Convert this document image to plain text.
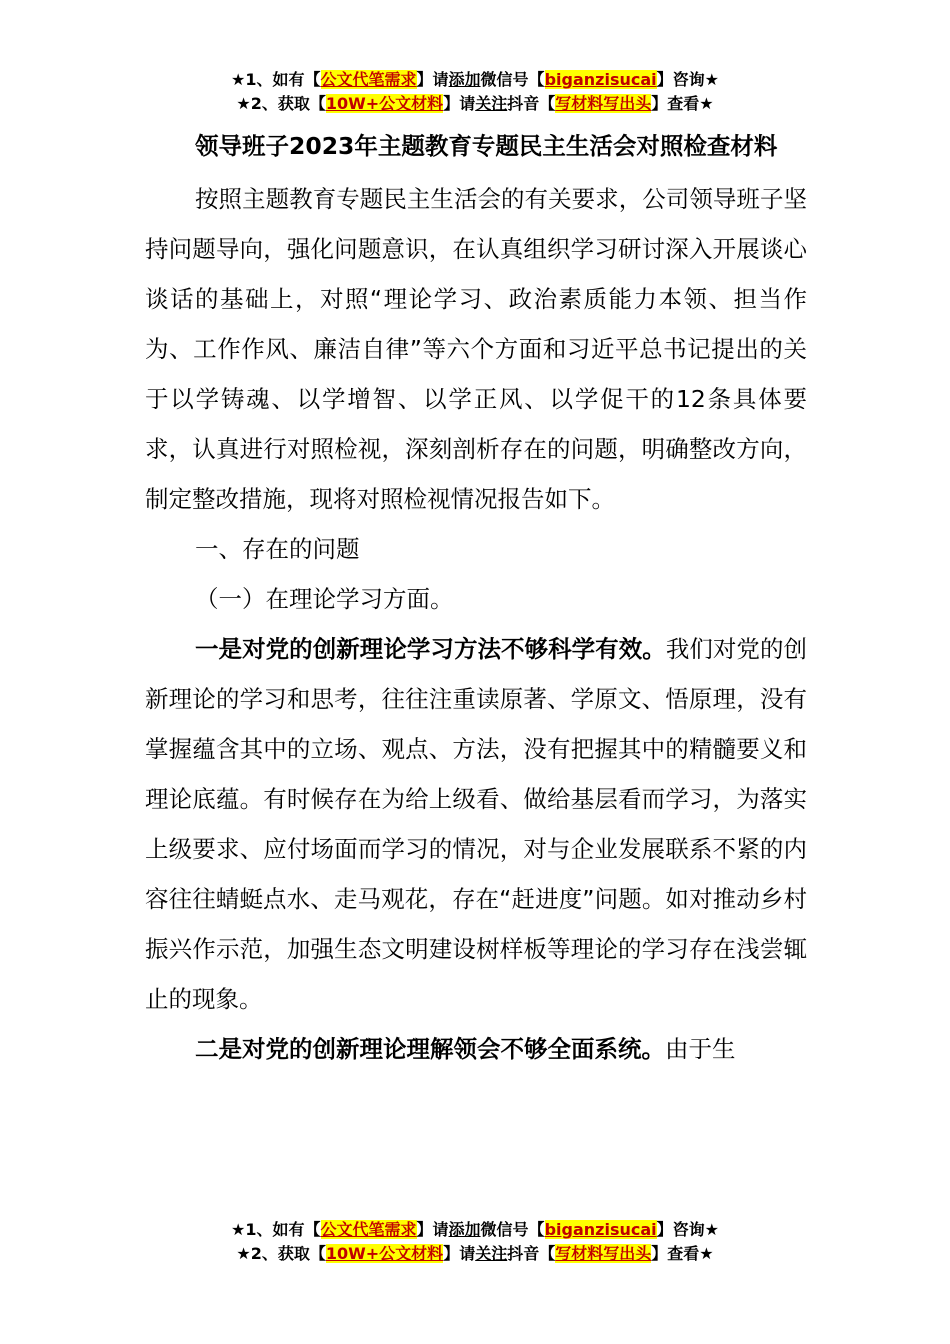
★1、如有【公文代笔需求】请添加微信号【biganzisucai】咨询★
★2、获取【10W+公文材料】请关注抖音【写材料写出头】查看★

领导班子2023年主题教育专题民主生活会对照检查材料

按照主题教育专题民主生活会的有关要求，公司领导班子坚持问题导向，强化问题意识，在认真组织学习研讨深入开展谈心谈话的基础上，对照“理论学习、政治素质能力本领、担当作为、工作作风、廉洁自律”等六个方面和习近平总书记提出的关于以学铸魂、以学增智、以学正风、以学促干的12条具体要求，认真进行对照检视，深刻剖析存在的问题，明确整改方向，制定整改措施，现将对照检视情况报告如下。

一、存在的问题

（一）在理论学习方面。

一是对党的创新理论学习方法不够科学有效。我们对党的创新理论的学习和思考，往往注重读原著、学原文、悟原理，没有掌握蕴含其中的立场、观点、方法，没有把握其中的精髓要义和理论底蕴。有时候存在为给上级看、做给基层看而学习，为落实上级要求、应付场面而学习的情况，对与企业发展联系不紧的内容往往蜻蜓点水、走马观花，存在“赶进度”问题。如对推动乡村振兴作示范，加强生态文明建设树样板等理论的学习存在浅尝辄止的现象。

二是对党的创新理论理解领会不够全面系统。由于生

★1、如有【公文代笔需求】请添加微信号【biganzisucai】咨询★
★2、获取【10W+公文材料】请关注抖音【写材料写出头】查看★
